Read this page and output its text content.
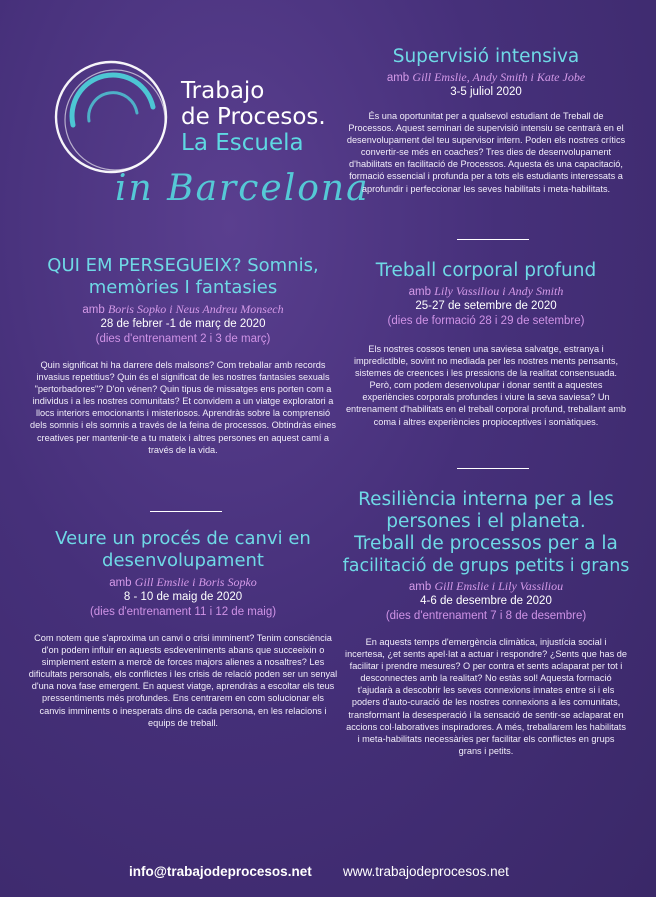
Trabajo
de Procesos.
La Escuela
in Barcelona
Supervisió intensiva
amb Gill Emslie, Andy Smith i Kate Jobe
3-5 juliol 2020
És una oportunitat per a qualsevol estudiant de Treball de Processos. Aquest seminari de supervisió intensiu se centrarà en el desenvolupament del teu supervisor intern. Poden els nostres crítics convertir-se més en coaches? Tres dies de desenvolupament d'habilitats en facilitació de Processos. Aquesta és una capacitació, formació essencial i profunda per a tots els estudiants interessats a aprofundir i perfeccionar les seves habilitats i meta-habilitats.
Treball corporal profund
amb Lily Vassiliou i Andy Smith
25-27 de setembre de 2020
(dies de formació 28 i 29 de setembre)
Els nostres cossos tenen una saviesa salvatge, estranya i impredictible, sovint no mediada per les nostres ments pensants, sistemes de creences i les pressions de la realitat consensuada. Però, com podem desenvolupar i donar sentit a aquestes experiències corporals profundes i viure la seva saviesa? Un entrenament d'habilitats en el treball corporal profund, treballant amb coma i altres experiències propioceptives i somàtiques.
Resiliència interna per a les
persones i el planeta.
Treball de processos per a la
facilitació de grups petits i grans
amb Gill Emslie i Lily Vassiliou
4-6 de desembre de 2020
(dies d'entrenament 7 i 8 de desembre)
En aquests temps d'emergència climàtica, injustícia social i incertesa, ¿et sents apel·lat a actuar i respondre? ¿Sents que has de facilitar i prendre mesures? O per contra et sents aclaparat per tot i desconnectes amb la realitat? No estàs sol! Aquesta formació t'ajudarà a descobrir les seves connexions innates entre si i els poders d'auto-curació de les nostres connexions a les comunitats, transformant la desesperació i la sensació de sentir-se aclaparat en accions col·laboratives inspiradores. A més, treballarem les habilitats i meta-habilitats necessàries per facilitar els conflictes en grups grans i petits.
QUI EM PERSEGUEIX? Somnis,
memòries I fantasies
amb Boris Sopko i Neus Andreu Monsech
28 de febrer -1 de març de 2020
(dies d'entrenament 2 i 3 de març)
Quin significat hi ha darrere dels malsons? Com treballar amb records invasius repetitius? Quin és el significat de les nostres fantasies sexuals "pertorbadores"? D'on vénen? Quin tipus de missatges ens porten com a individus i a les nostres comunitats? Et convidem a un viatge exploratori a llocs interiors emocionants i misteriosos. Aprendràs sobre la comprensió dels somnis i els somnis a través de la feina de processos. Obtindràs eines creatives per mantenir-te a tu mateix i altres persones en aquest camí a través de la vida.
Veure un procés de canvi en
desenvolupament
amb Gill Emslie i Boris Sopko
8 - 10 de maig de 2020
(dies d'entrenament 11 i 12 de maig)
Com notem que s'aproxima un canvi o crisi imminent? Tenim consciència d'on podem influir en aquests esdeveniments abans que succeeixin o simplement estem a mercè de forces majors alienes a nosaltres? Les dificultats personals, els conflictes i les crisis de relació poden ser un senyal d'una nova fase emergent. En aquest viatge, aprendràs a escoltar els teus pressentiments més profundes. Ens centrarem en com solucionar els canvis imminents o inesperats dins de cada persona, en les relacions i equips de treball.
info@trabajodeprocesos.net www.trabajodeprocesos.net
